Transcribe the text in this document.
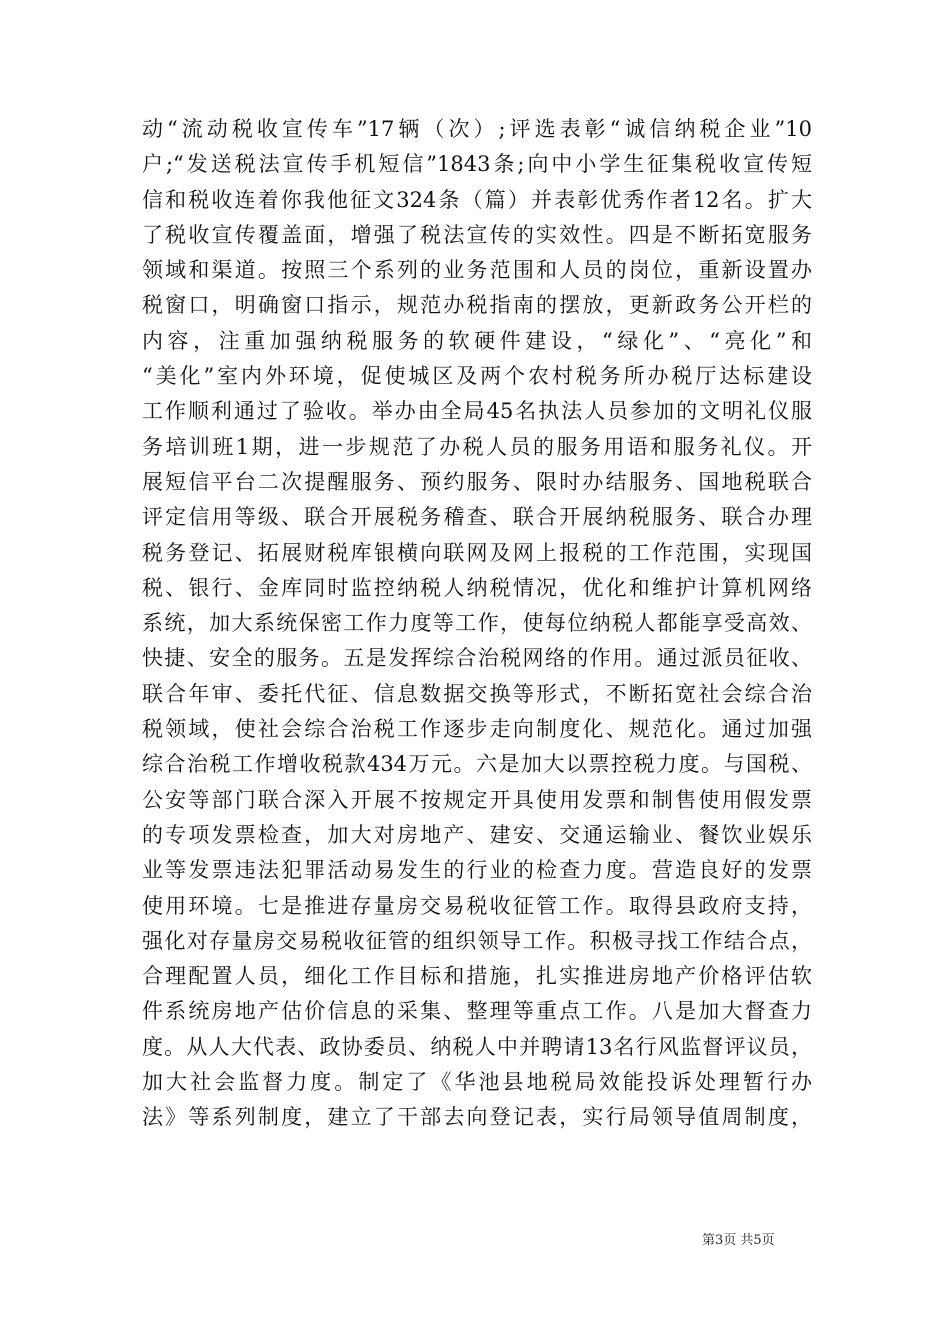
动“流动税收宣传车”17辆（次）;评选表彰“诚信纳税企业”10
户;“发送税法宣传手机短信”1843条;向中小学生征集税收宣传短
信和税收连着你我他征文324条（篇）并表彰优秀作者12名。扩大
了税收宣传覆盖面，增强了税法宣传的实效性。四是不断拓宽服务
领域和渠道。按照三个系列的业务范围和人员的岗位，重新设置办
税窗口，明确窗口指示，规范办税指南的摆放，更新政务公开栏的
内容，注重加强纳税服务的软硬件建设，“绿化”、“亮化”和
“美化”室内外环境，促使城区及两个农村税务所办税厅达标建设
工作顺利通过了验收。举办由全局45名执法人员参加的文明礼仪服
务培训班1期，进一步规范了办税人员的服务用语和服务礼仪。开
展短信平台二次提醒服务、预约服务、限时办结服务、国地税联合
评定信用等级、联合开展税务稽查、联合开展纳税服务、联合办理
税务登记、拓展财税库银横向联网及网上报税的工作范围，实现国
税、银行、金库同时监控纳税人纳税情况，优化和维护计算机网络
系统，加大系统保密工作力度等工作，使每位纳税人都能享受高效、
快捷、安全的服务。五是发挥综合治税网络的作用。通过派员征收、
联合年审、委托代征、信息数据交换等形式，不断拓宽社会综合治
税领域，使社会综合治税工作逐步走向制度化、规范化。通过加强
综合治税工作增收税款434万元。六是加大以票控税力度。与国税、
公安等部门联合深入开展不按规定开具使用发票和制售使用假发票
的专项发票检查，加大对房地产、建安、交通运输业、餐饮业娱乐
业等发票违法犯罪活动易发生的行业的检查力度。营造良好的发票
使用环境。七是推进存量房交易税收征管工作。取得县政府支持，
强化对存量房交易税收征管的组织领导工作。积极寻找工作结合点，
合理配置人员，细化工作目标和措施，扎实推进房地产价格评估软
件系统房地产估价信息的采集、整理等重点工作。八是加大督查力
度。从人大代表、政协委员、纳税人中并聘请13名行风监督评议员，
加大社会监督力度。制定了《华池县地税局效能投诉处理暂行办
法》等系列制度，建立了干部去向登记表，实行局领导值周制度，
第3页 共5页
